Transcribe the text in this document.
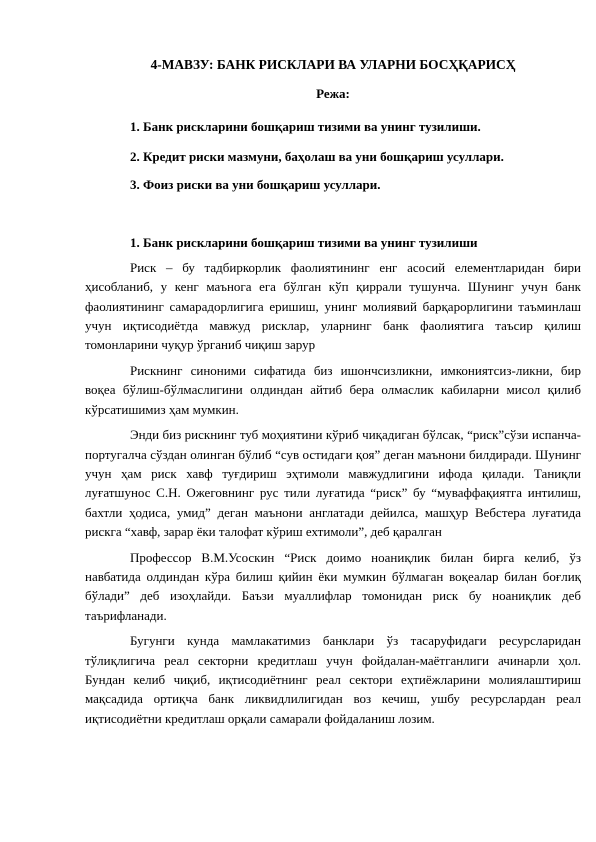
4-МАВЗУ: БАНК РИСКЛАРИ ВА УЛАРНИ БОСҲҚАРИСҲ
Режа:
1. Банк рискларини бошқариш тизими ва унинг тузилиши.
2. Кредит риски мазмуни, баҳолаш ва уни бошқариш усуллари.
3. Фоиз риски ва уни бошқариш усуллари.
1. Банк рискларини бошқариш тизими ва унинг тузилиши

Риск – бу тадбиркорлик фаолиятининг енг асосий елементларидан бири ҳисобланиб, у кенг маънога ега бўлган кўп қиррали тушунча. Шунинг учун банк фаолиятининг самарадорлигига еришиш, унинг молиявий барқарорлигини таъминлаш учун иқтисодиётда мавжуд рисклар, уларнинг банк фаолиятига таъсир қилиш томонларини чуқур ўрганиб чиқиш зарур

Рискнинг синоними сифатида биз ишончсизликни, имкониятсиз-ликни, бир воқеа бўлиш-бўлмаслигини олдиндан айтиб бера олмаслик кабиларни мисол қилиб кўрсатишимиз ҳам мумкин.

Энди биз рискнинг туб моҳиятини кўриб чиқадиган бўлсак, “риск”сўзи испанча-португалча сўздан олинган бўлиб “сув остидаги қоя” деган маънони билдиради. Шунинг учун ҳам риск хавф туғдириш эҳтимоли мавжудлигини ифода қилади. Таниқли луғатшунос С.Н. Ожеговнинг рус тили луғатида “риск” бу “муваффақиятга интилиш, бахтли ҳодиса, умид” деган маънони англатади дейилса, машҳур Вебстера луғатида рискга “хавф, зарар ёки талофат кўриш ехтимоли”, деб қаралган

Профессор В.М.Усоскин “Риск доимо ноаниқлик билан бирга келиб, ўз навбатида олдиндан кўра билиш қийин ёки мумкин бўлмаган воқеалар билан боғлиқ бўлади” деб изоҳлайди. Баъзи муаллифлар томонидан риск бу ноаниқлик деб таърифланади.

Бугунги кунда мамлакатимиз банклари ўз тасаруфидаги ресурсларидан тўлиқлигича реал секторни кредитлаш учун фойдалан-маётганлиги ачинарли ҳол. Бундан келиб чиқиб, иқтисодиётнинг реал сектори еҳтиёжларини молиялаштириш мақсадида ортиқча банк ликвидлилигидан воз кечиш, ушбу ресурслардан реал иқтисодиётни кредитлаш орқали самарали фойдаланиш лозим.
